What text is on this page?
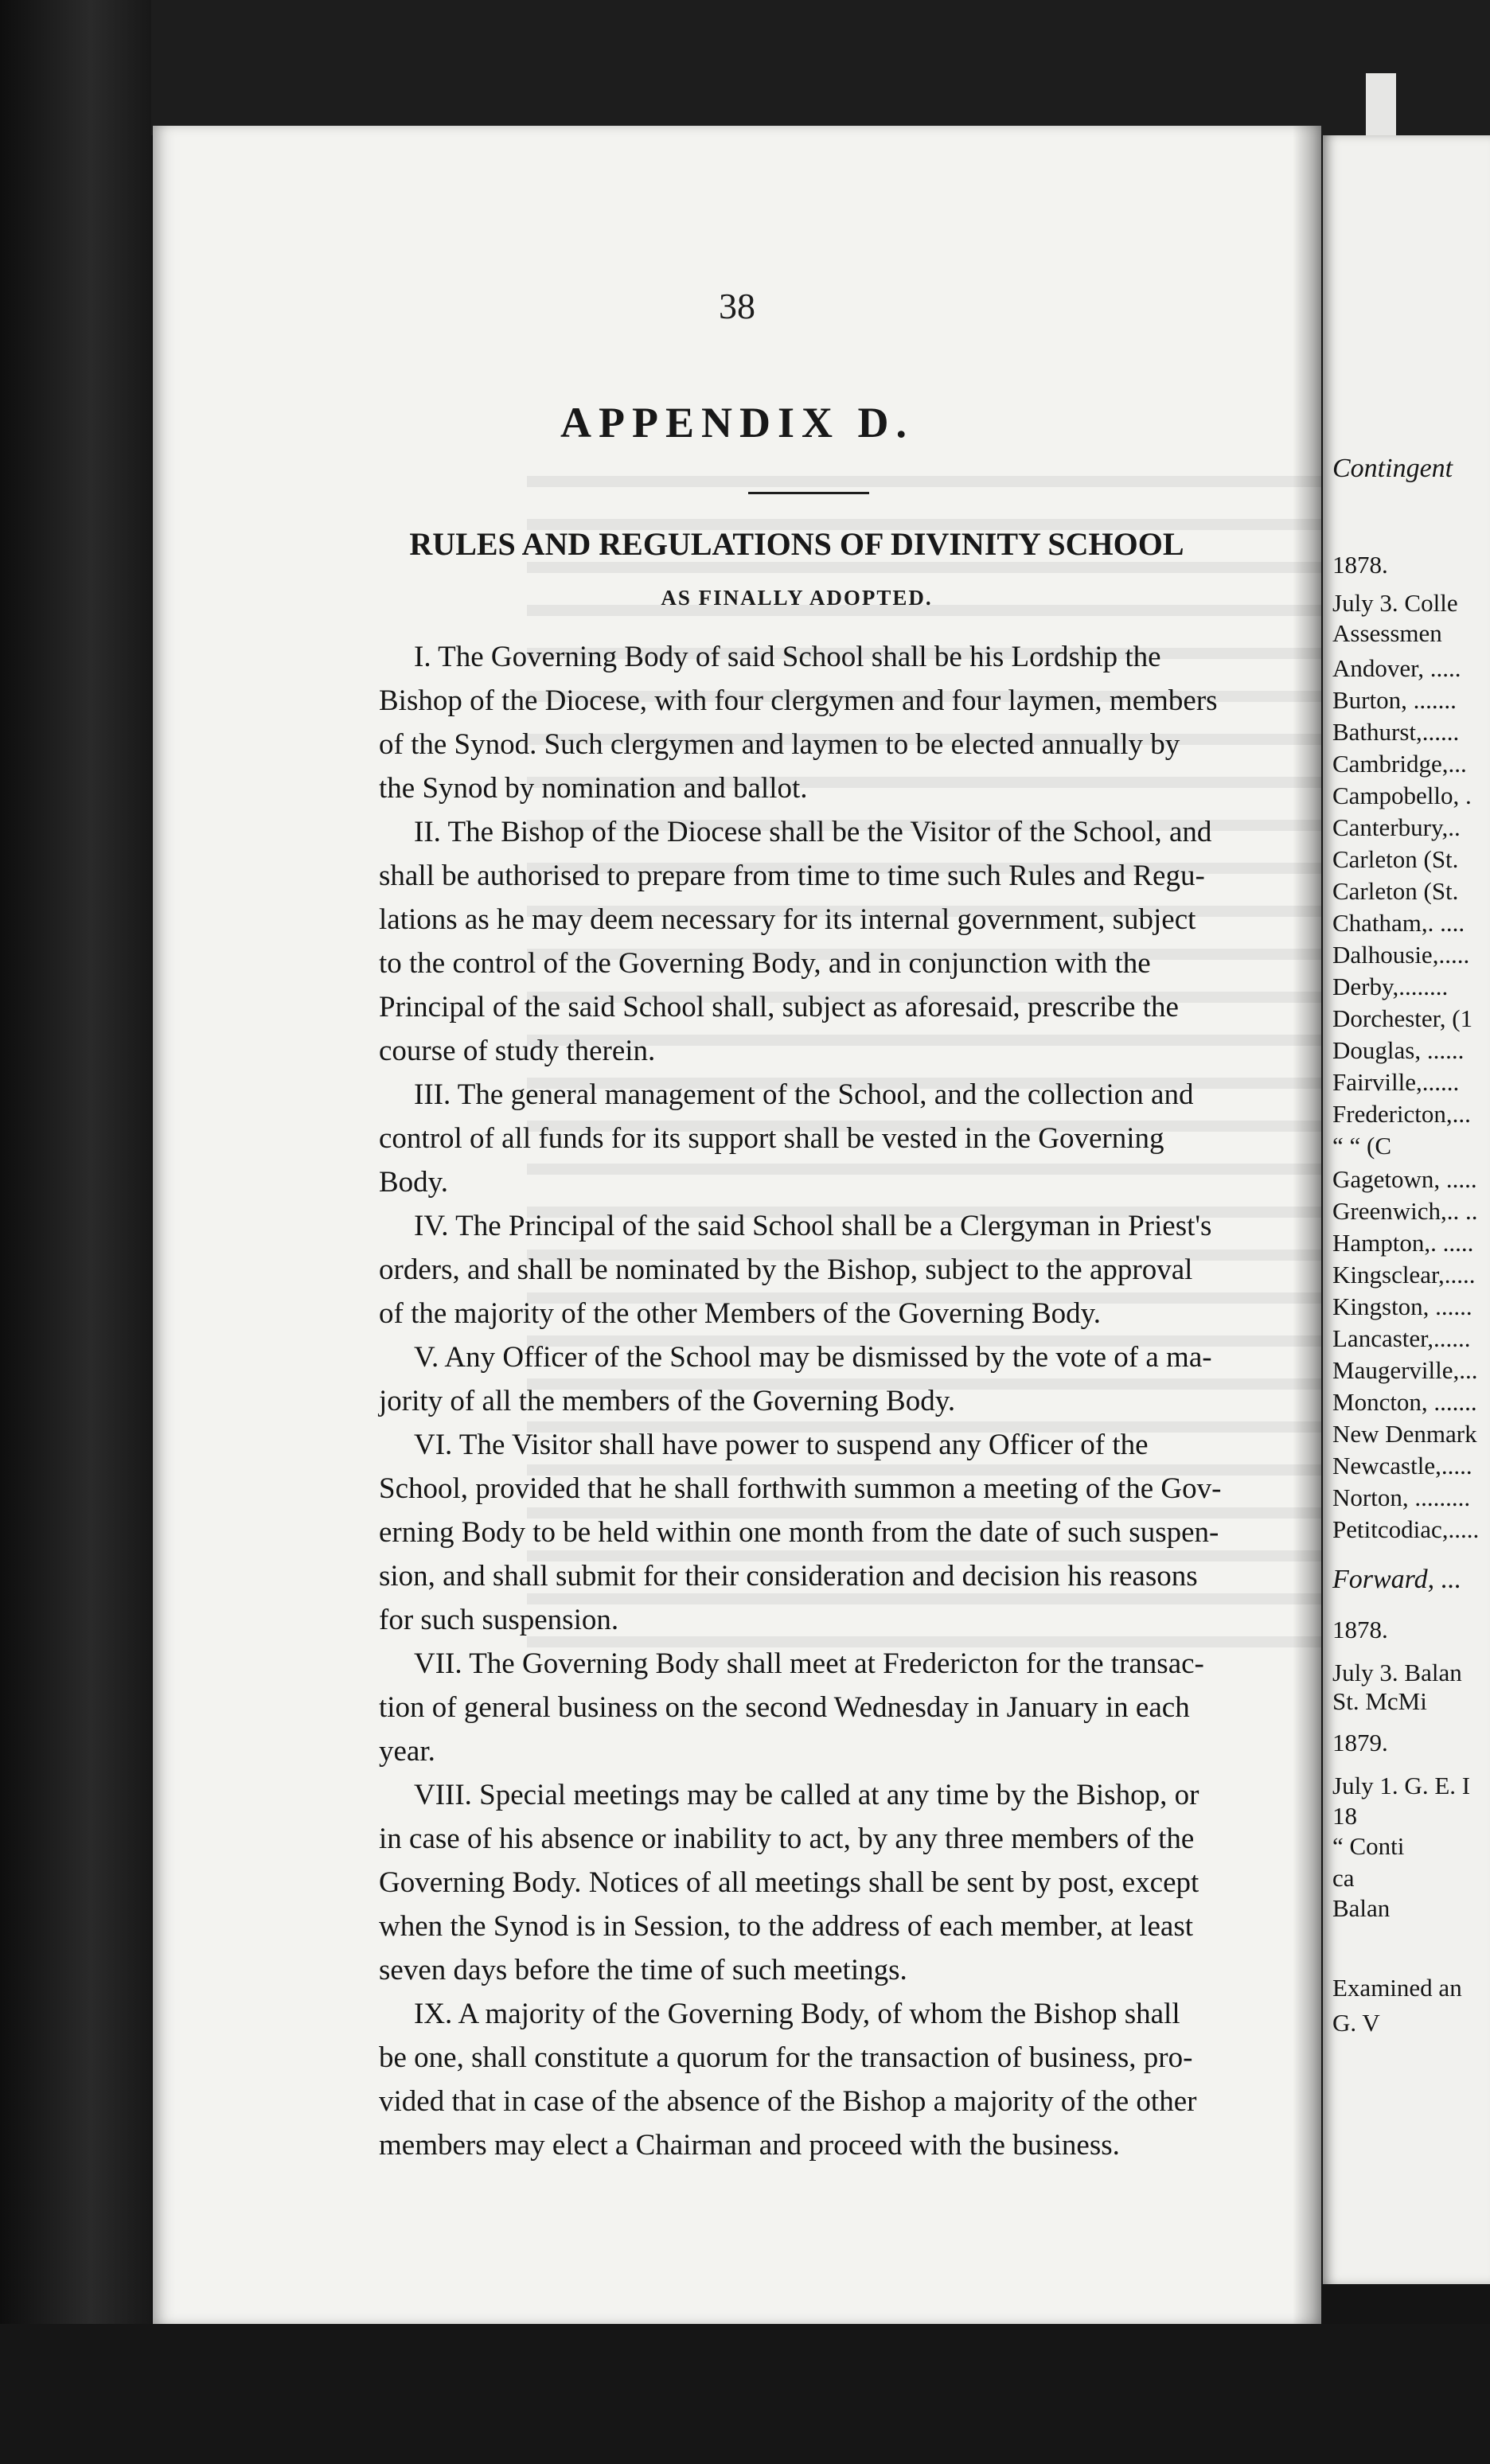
38
APPENDIX D.
RULES AND REGULATIONS OF DIVINITY SCHOOL
AS FINALLY ADOPTED.
I. The Governing Body of said School shall be his Lordship the
Bishop of the Diocese, with four clergymen and four laymen, members
of the Synod. Such clergymen and laymen to be elected annually by
the Synod by nomination and ballot.
II. The Bishop of the Diocese shall be the Visitor of the School, and
shall be authorised to prepare from time to time such Rules and Regu-
lations as he may deem necessary for its internal government, subject
to the control of the Governing Body, and in conjunction with the
Principal of the said School shall, subject as aforesaid, prescribe the
course of study therein.
III. The general management of the School, and the collection and
control of all funds for its support shall be vested in the Governing
Body.
IV. The Principal of the said School shall be a Clergyman in Priest's
orders, and shall be nominated by the Bishop, subject to the approval
of the majority of the other Members of the Governing Body.
V. Any Officer of the School may be dismissed by the vote of a ma-
jority of all the members of the Governing Body.
VI. The Visitor shall have power to suspend any Officer of the
School, provided that he shall forthwith summon a meeting of the Gov-
erning Body to be held within one month from the date of such suspen-
sion, and shall submit for their consideration and decision his reasons
for such suspension.
VII. The Governing Body shall meet at Fredericton for the transac-
tion of general business on the second Wednesday in January in each
year.
VIII. Special meetings may be called at any time by the Bishop, or
in case of his absence or inability to act, by any three members of the
Governing Body. Notices of all meetings shall be sent by post, except
when the Synod is in Session, to the address of each member, at least
seven days before the time of such meetings.
IX. A majority of the Governing Body, of whom the Bishop shall
be one, shall constitute a quorum for the transaction of business, pro-
vided that in case of the absence of the Bishop a majority of the other
members may elect a Chairman and proceed with the business.
Contingent
1878.
July 3. Colle
Assessmen
Andover, .....
Burton, .......
Bathurst,......
Cambridge,...
Campobello, .
Canterbury,..
Carleton (St.
Carleton (St.
Chatham,. ....
Dalhousie,.....
Derby,........
Dorchester, (1
Douglas, ......
Fairville,......
Fredericton,...
“ “ (C
Gagetown, .....
Greenwich,.. ..
Hampton,. .....
Kingsclear,.....
Kingston, ......
Lancaster,......
Maugerville,...
Moncton, .......
New Denmark
Newcastle,.....
Norton, .........
Petitcodiac,.....
Forward, ...
1878.
July 3. Balan
St. McMi
1879.
July 1. G. E. I
18
“ Conti
ca
Balan
Examined an
G. V
